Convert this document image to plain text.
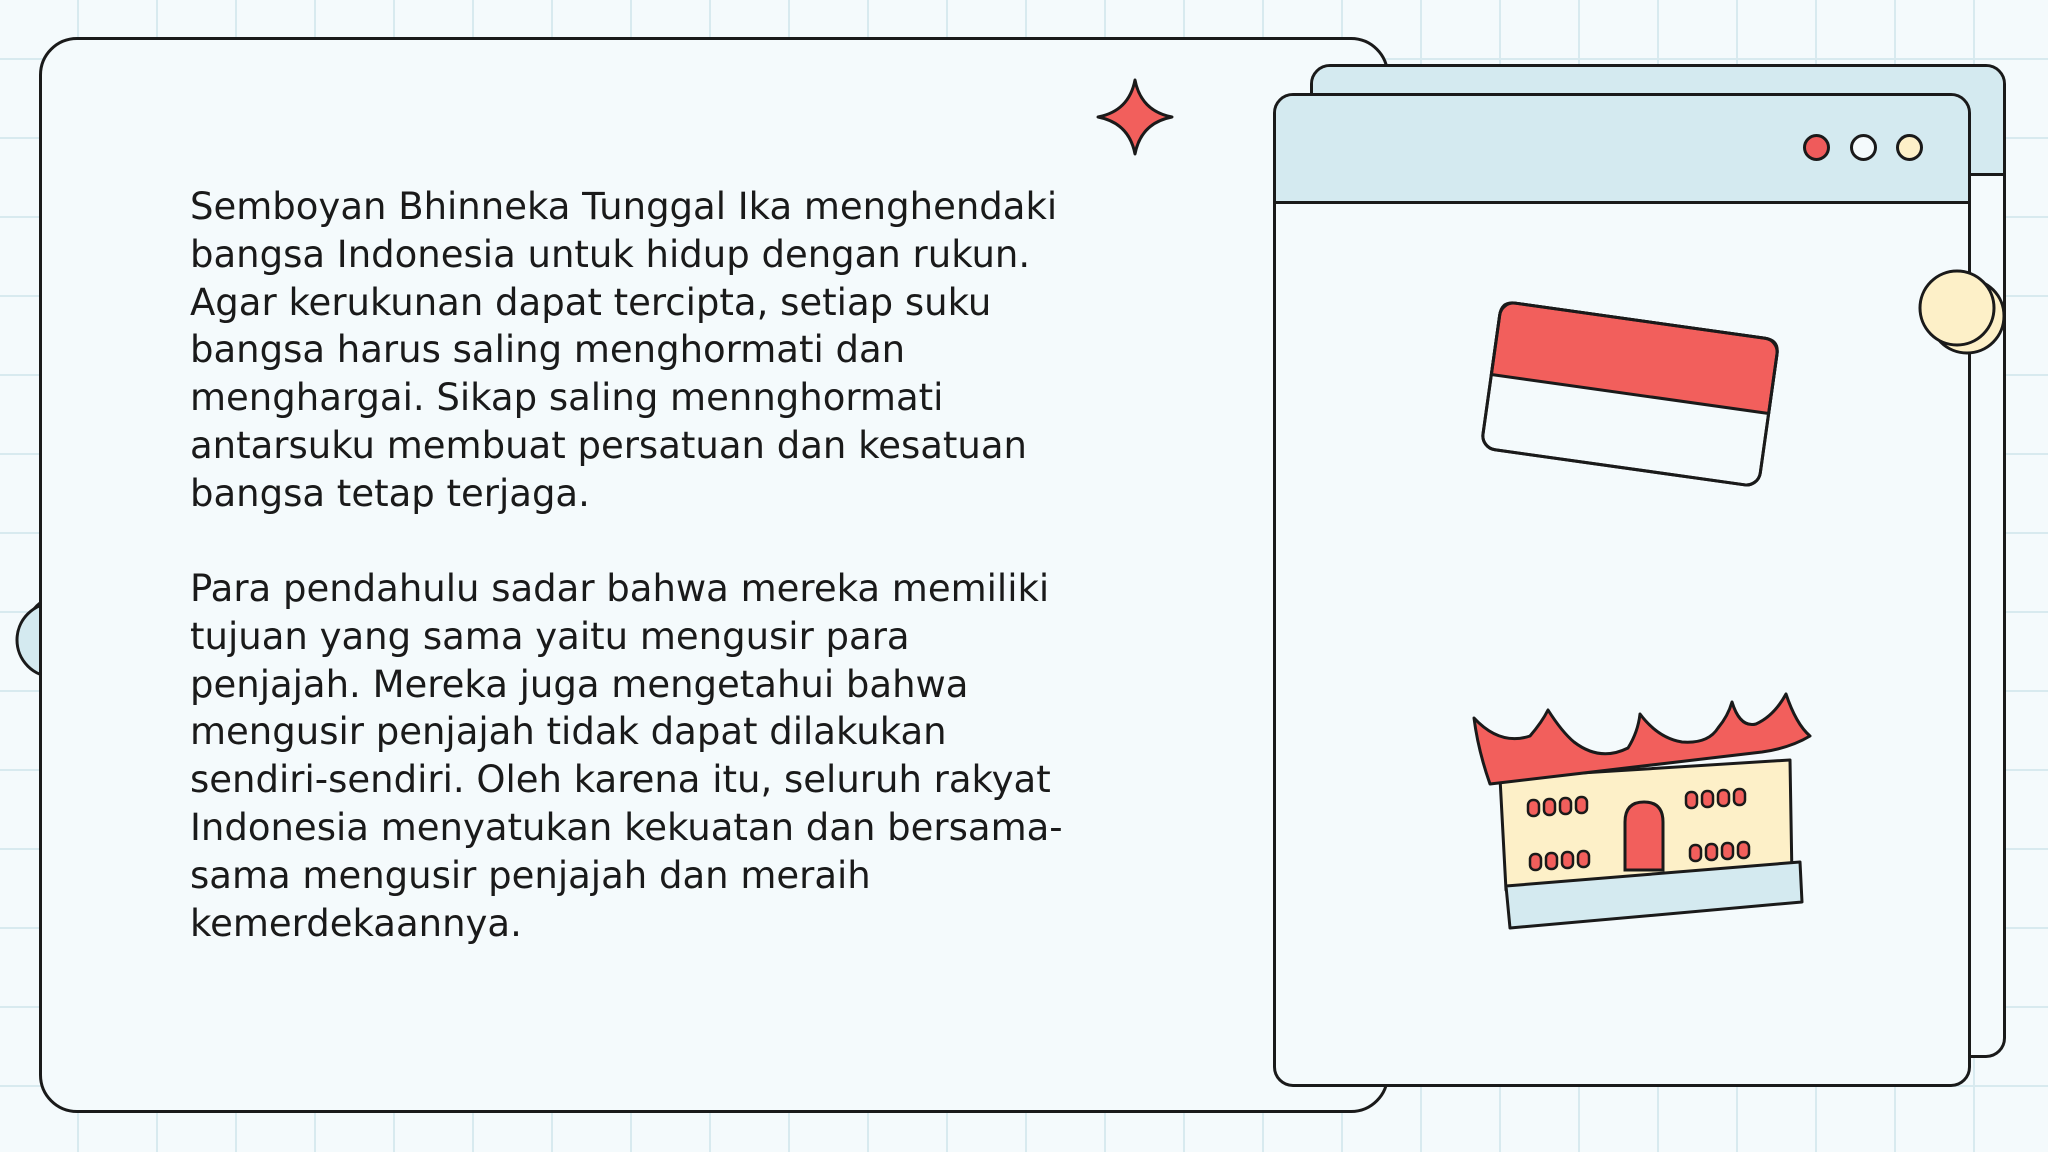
Semboyan Bhinneka Tunggal Ika menghendaki
bangsa Indonesia untuk hidup dengan rukun.
Agar kerukunan dapat tercipta, setiap suku
bangsa harus saling menghormati dan
menghargai. Sikap saling mennghormati
antarsuku membuat persatuan dan kesatuan
bangsa tetap terjaga.

Para pendahulu sadar bahwa mereka memiliki
tujuan yang sama yaitu mengusir para
penjajah. Mereka juga mengetahui bahwa
mengusir penjajah tidak dapat dilakukan
sendiri-sendiri. Oleh karena itu, seluruh rakyat
Indonesia menyatukan kekuatan dan bersama-
sama mengusir penjajah dan meraih
kemerdekaannya.
